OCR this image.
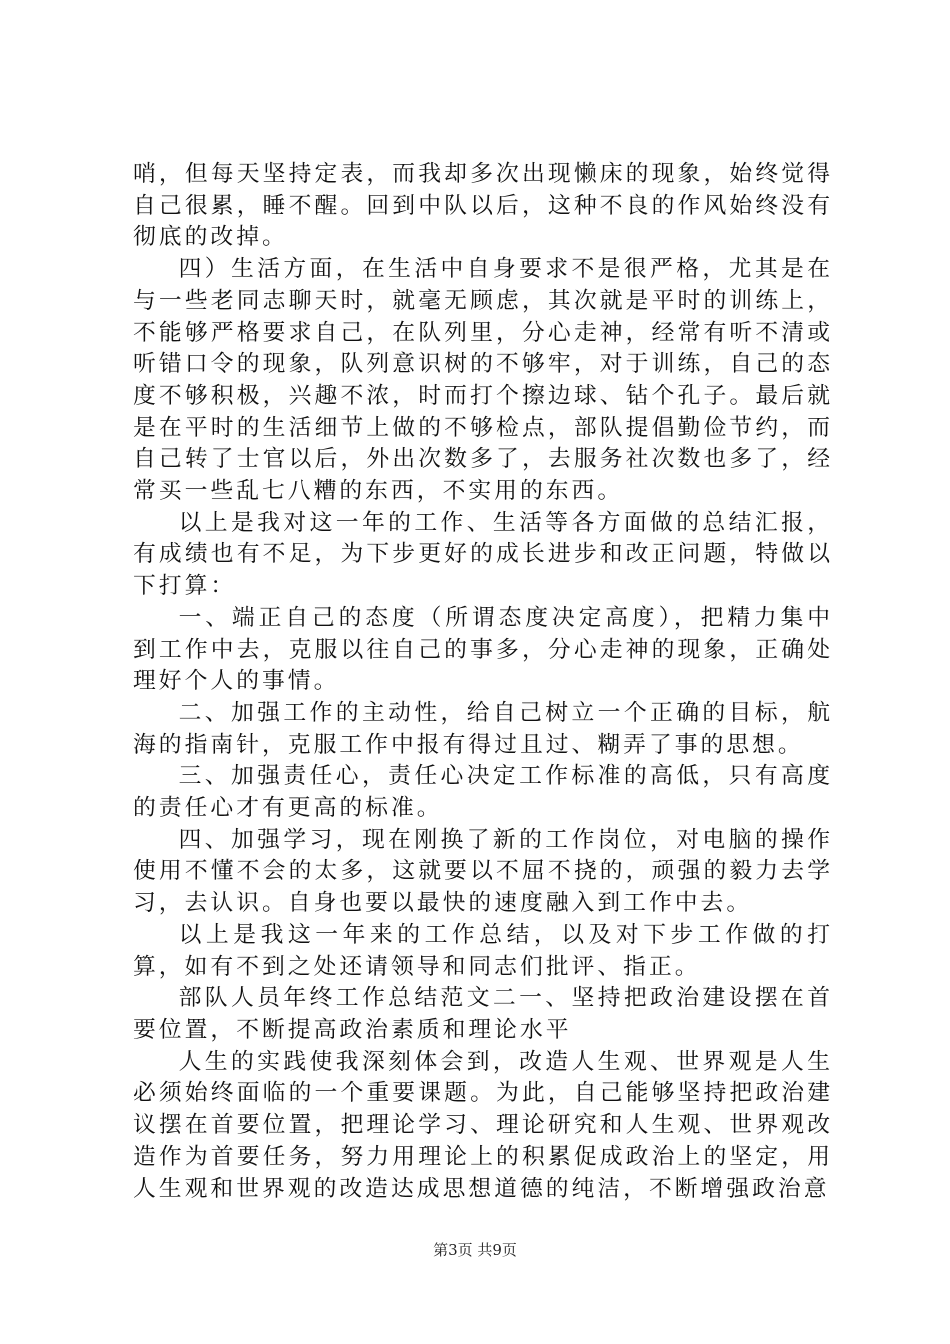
哨，但每天坚持定表，而我却多次出现懒床的现象，始终觉得自己很累，睡不醒。回到中队以后，这种不良的作风始终没有彻底的改掉。

四）生活方面，在生活中自身要求不是很严格，尤其是在与一些老同志聊天时，就毫无顾虑，其次就是平时的训练上，不能够严格要求自己，在队列里，分心走神，经常有听不清或听错口令的现象，队列意识树的不够牢，对于训练，自己的态度不够积极，兴趣不浓，时而打个擦边球、钻个孔子。最后就是在平时的生活细节上做的不够检点，部队提倡勤俭节约，而自己转了士官以后，外出次数多了，去服务社次数也多了，经常买一些乱七八糟的东西，不实用的东西。

以上是我对这一年的工作、生活等各方面做的总结汇报，有成绩也有不足，为下步更好的成长进步和改正问题，特做以下打算：

一、端正自己的态度（所谓态度决定高度），把精力集中到工作中去，克服以往自己的事多，分心走神的现象，正确处理好个人的事情。

二、加强工作的主动性，给自己树立一个正确的目标，航海的指南针，克服工作中报有得过且过、糊弄了事的思想。

三、加强责任心，责任心决定工作标准的高低，只有高度的责任心才有更高的标准。

四、加强学习，现在刚换了新的工作岗位，对电脑的操作使用不懂不会的太多，这就要以不屈不挠的，顽强的毅力去学习，去认识。自身也要以最快的速度融入到工作中去。

以上是我这一年来的工作总结，以及对下步工作做的打算，如有不到之处还请领导和同志们批评、指正。

部队人员年终工作总结范文二一、坚持把政治建设摆在首要位置，不断提高政治素质和理论水平

人生的实践使我深刻体会到，改造人生观、世界观是人生必须始终面临的一个重要课题。为此，自己能够坚持把政治建议摆在首要位置，把理论学习、理论研究和人生观、世界观改造作为首要任务，努力用理论上的积累促成政治上的坚定，用人生观和世界观的改造达成思想道德的纯洁，不断增强政治意

第3页 共9页
